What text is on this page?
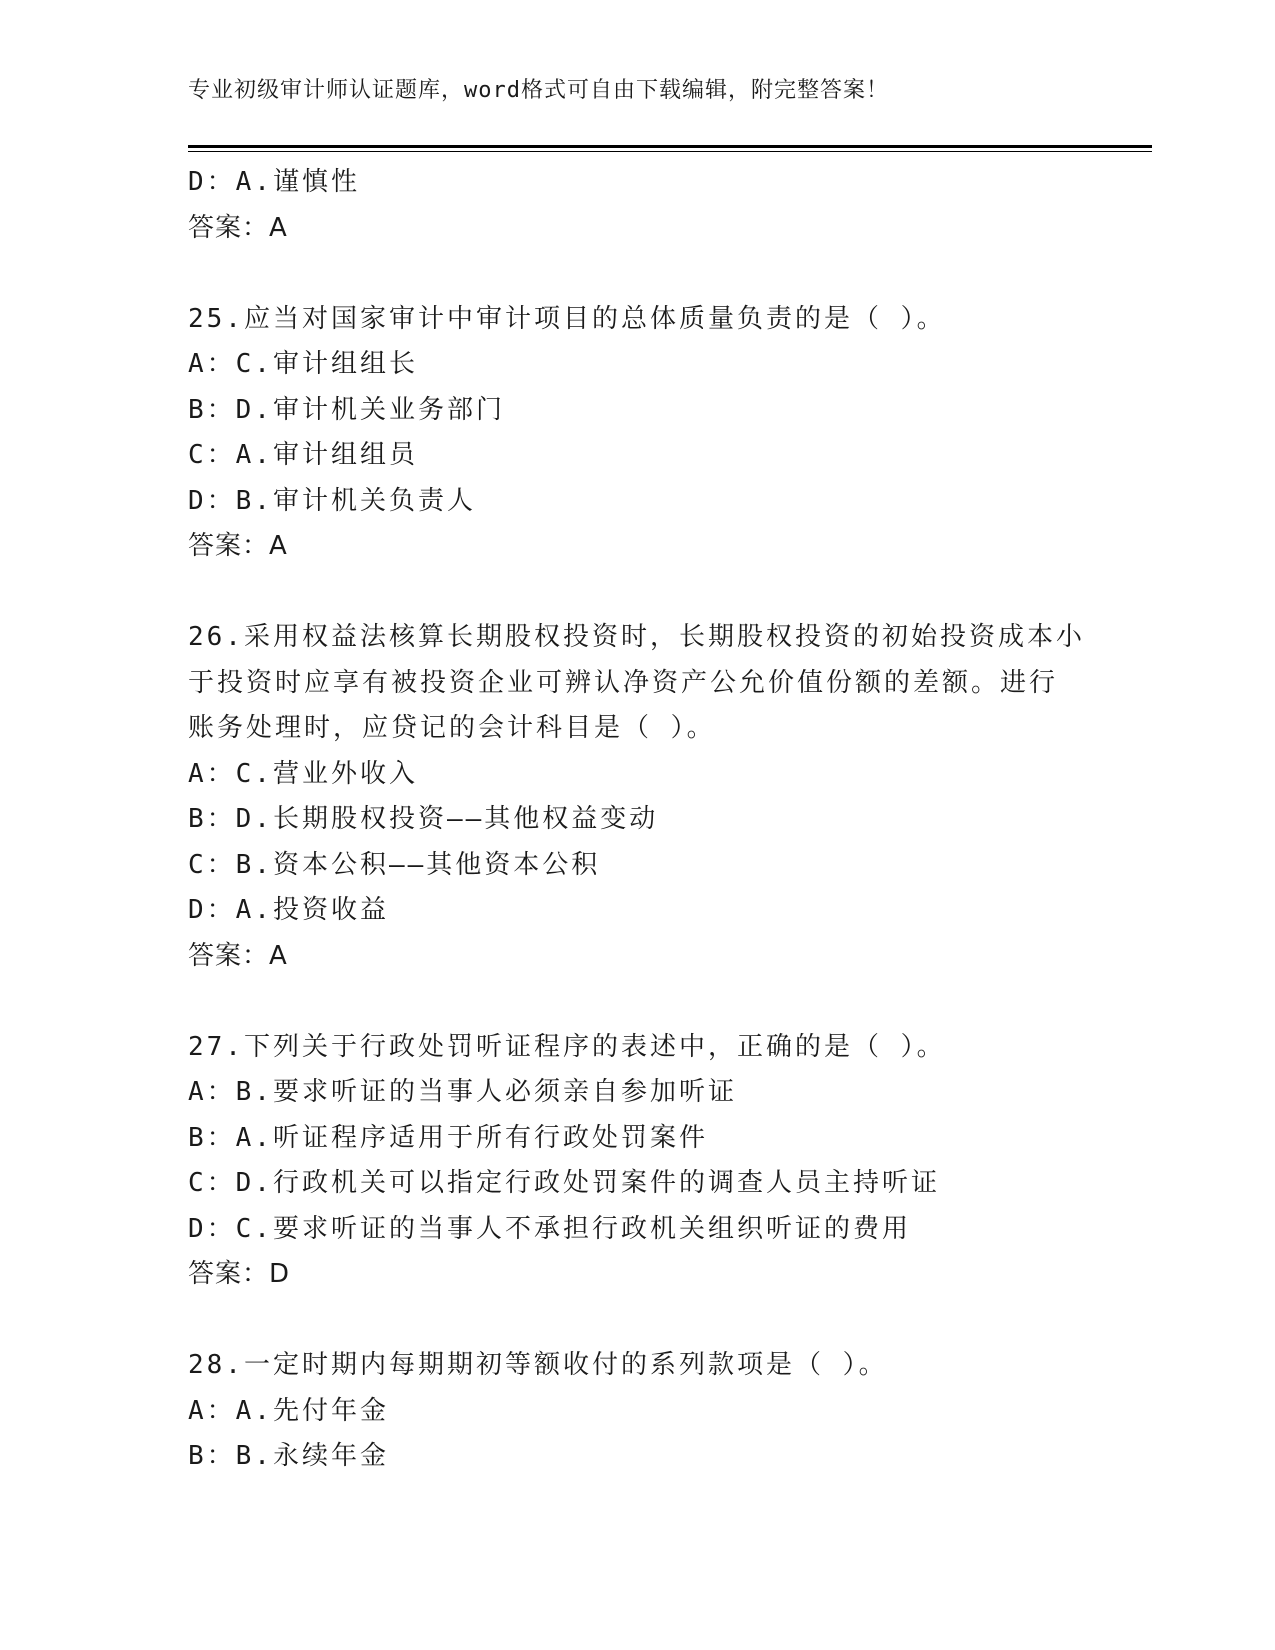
专业初级审计师认证题库，word格式可自由下载编辑，附完整答案！
D：A.谨慎性
答案：A
25.应当对国家审计中审计项目的总体质量负责的是（ ）。
A：C.审计组组长
B：D.审计机关业务部门
C：A.审计组组员
D：B.审计机关负责人
答案：A
26.采用权益法核算长期股权投资时，长期股权投资的初始投资成本小
于投资时应享有被投资企业可辨认净资产公允价值份额的差额。进行
账务处理时，应贷记的会计科目是（ ）。
A：C.营业外收入
B：D.长期股权投资——其他权益变动
C：B.资本公积——其他资本公积
D：A.投资收益
答案：A
27.下列关于行政处罚听证程序的表述中，正确的是（ ）。
A：B.要求听证的当事人必须亲自参加听证
B：A.听证程序适用于所有行政处罚案件
C：D.行政机关可以指定行政处罚案件的调查人员主持听证
D：C.要求听证的当事人不承担行政机关组织听证的费用
答案：D
28.一定时期内每期期初等额收付的系列款项是（ ）。
A：A.先付年金
B：B.永续年金
